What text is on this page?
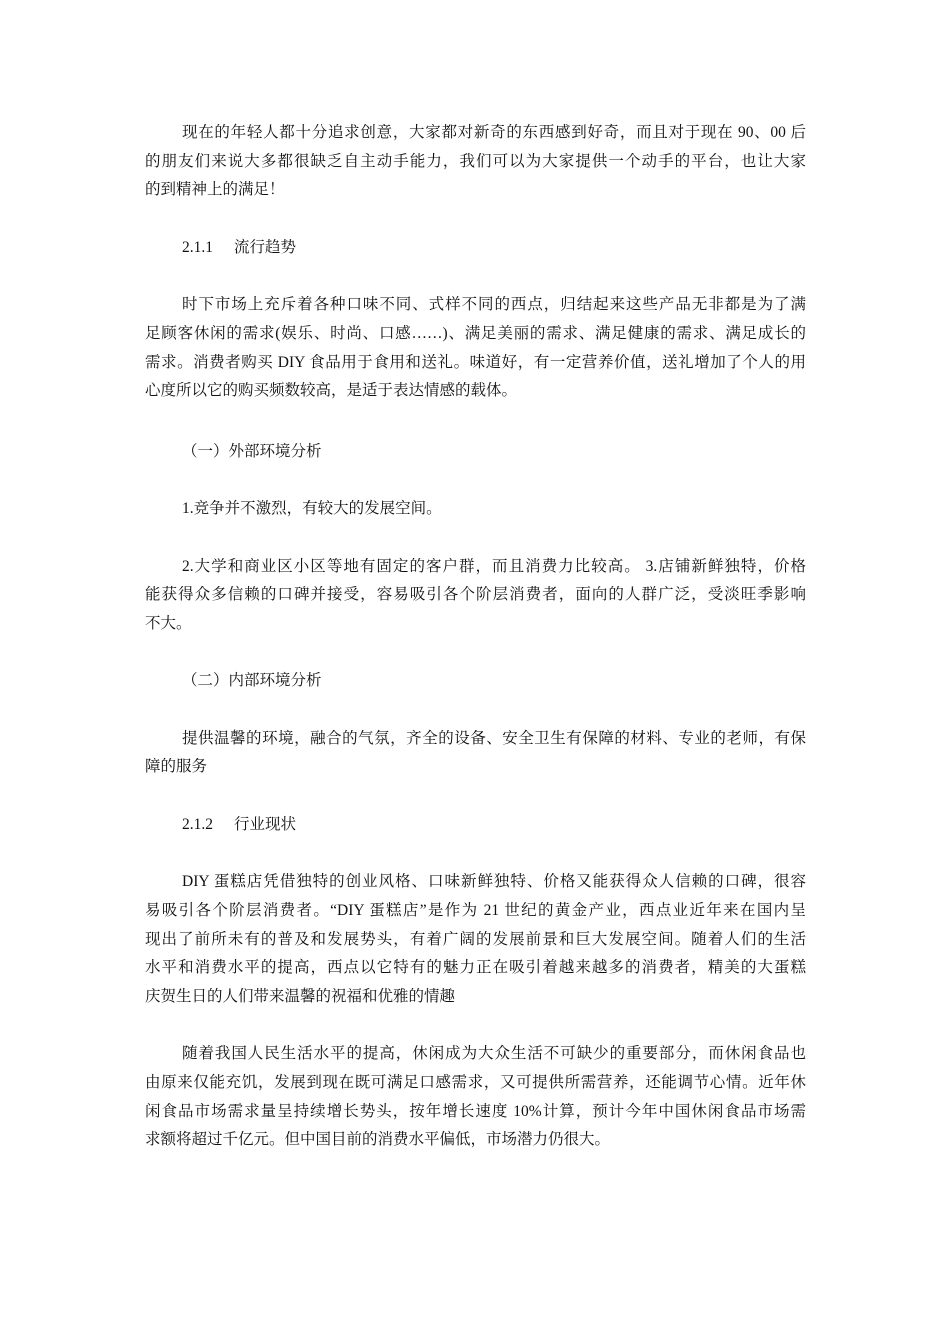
现在的年轻人都十分追求创意，大家都对新奇的东西感到好奇，而且对于现在 90、00 后
的朋友们来说大多都很缺乏自主动手能力，我们可以为大家提供一个动手的平台，也让大家
的到精神上的满足！
2.1.1 流行趋势
时下市场上充斥着各种口味不同、式样不同的西点，归结起来这些产品无非都是为了满
足顾客休闲的需求(娱乐、时尚、口感……)、满足美丽的需求、满足健康的需求、满足成长的
需求。消费者购买 DIY 食品用于食用和送礼。味道好，有一定营养价值，送礼增加了个人的用
心度所以它的购买频数较高，是适于表达情感的载体。
（一）外部环境分析
1.竞争并不激烈，有较大的发展空间。
2.大学和商业区小区等地有固定的客户群，而且消费力比较高。 3.店铺新鲜独特，价格
能获得众多信赖的口碑并接受，容易吸引各个阶层消费者，面向的人群广泛，受淡旺季影响
不大。
（二）内部环境分析
提供温馨的环境，融合的气氛，齐全的设备、安全卫生有保障的材料、专业的老师，有保
障的服务
2.1.2 行业现状
DIY 蛋糕店凭借独特的创业风格、口味新鲜独特、价格又能获得众人信赖的口碑，很容
易吸引各个阶层消费者。“DIY 蛋糕店”是作为 21 世纪的黄金产业，西点业近年来在国内呈
现出了前所未有的普及和发展势头，有着广阔的发展前景和巨大发展空间。随着人们的生活
水平和消费水平的提高，西点以它特有的魅力正在吸引着越来越多的消费者，精美的大蛋糕
庆贺生日的人们带来温馨的祝福和优雅的情趣
随着我国人民生活水平的提高，休闲成为大众生活不可缺少的重要部分，而休闲食品也
由原来仅能充饥，发展到现在既可满足口感需求，又可提供所需营养，还能调节心情。近年休
闲食品市场需求量呈持续增长势头，按年增长速度 10%计算，预计今年中国休闲食品市场需
求额将超过千亿元。但中国目前的消费水平偏低，市场潜力仍很大。
